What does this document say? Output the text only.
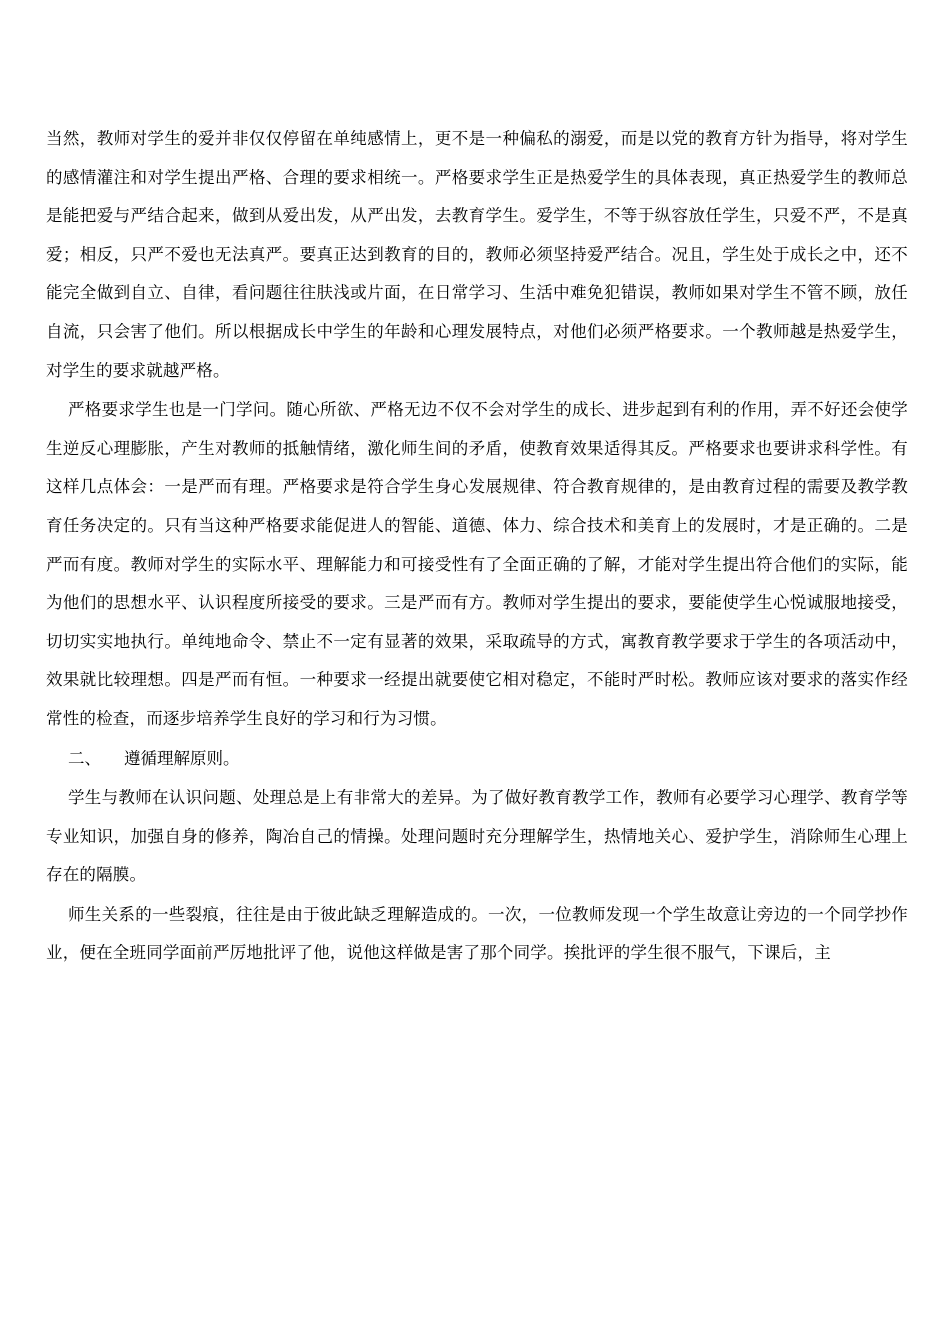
当然，教师对学生的爱并非仅仅停留在单纯感情上，更不是一种偏私的溺爱，而是以党的教育方针为指导，将对学生的感情灌注和对学生提出严格、合理的要求相统一。严格要求学生正是热爱学生的具体表现，真正热爱学生的教师总是能把爱与严结合起来，做到从爱出发，从严出发，去教育学生。爱学生，不等于纵容放任学生，只爱不严，不是真爱；相反，只严不爱也无法真严。要真正达到教育的目的，教师必须坚持爱严结合。况且，学生处于成长之中，还不能完全做到自立、自律，看问题往往肤浅或片面，在日常学习、生活中难免犯错误，教师如果对学生不管不顾，放任自流，只会害了他们。所以根据成长中学生的年龄和心理发展特点，对他们必须严格要求。一个教师越是热爱学生，对学生的要求就越严格。

严格要求学生也是一门学问。随心所欲、严格无边不仅不会对学生的成长、进步起到有利的作用，弄不好还会使学生逆反心理膨胀，产生对教师的抵触情绪，激化师生间的矛盾，使教育效果适得其反。严格要求也要讲求科学性。有这样几点体会：一是严而有理。严格要求是符合学生身心发展规律、符合教育规律的，是由教育过程的需要及教学教育任务决定的。只有当这种严格要求能促进人的智能、道德、体力、综合技术和美育上的发展时，才是正确的。二是严而有度。教师对学生的实际水平、理解能力和可接受性有了全面正确的了解，才能对学生提出符合他们的实际，能为他们的思想水平、认识程度所接受的要求。三是严而有方。教师对学生提出的要求，要能使学生心悦诚服地接受，切切实实地执行。单纯地命令、禁止不一定有显著的效果，采取疏导的方式，寓教育教学要求于学生的各项活动中，效果就比较理想。四是严而有恒。一种要求一经提出就要使它相对稳定，不能时严时松。教师应该对要求的落实作经常性的检查，而逐步培养学生良好的学习和行为习惯。

二、 遵循理解原则。

学生与教师在认识问题、处理总是上有非常大的差异。为了做好教育教学工作，教师有必要学习心理学、教育学等专业知识，加强自身的修养，陶冶自己的情操。处理问题时充分理解学生，热情地关心、爱护学生，消除师生心理上存在的隔膜。

师生关系的一些裂痕，往往是由于彼此缺乏理解造成的。一次，一位教师发现一个学生故意让旁边的一个同学抄作业，便在全班同学面前严厉地批评了他，说他这样做是害了那个同学。挨批评的学生很不服气，下课后，主
